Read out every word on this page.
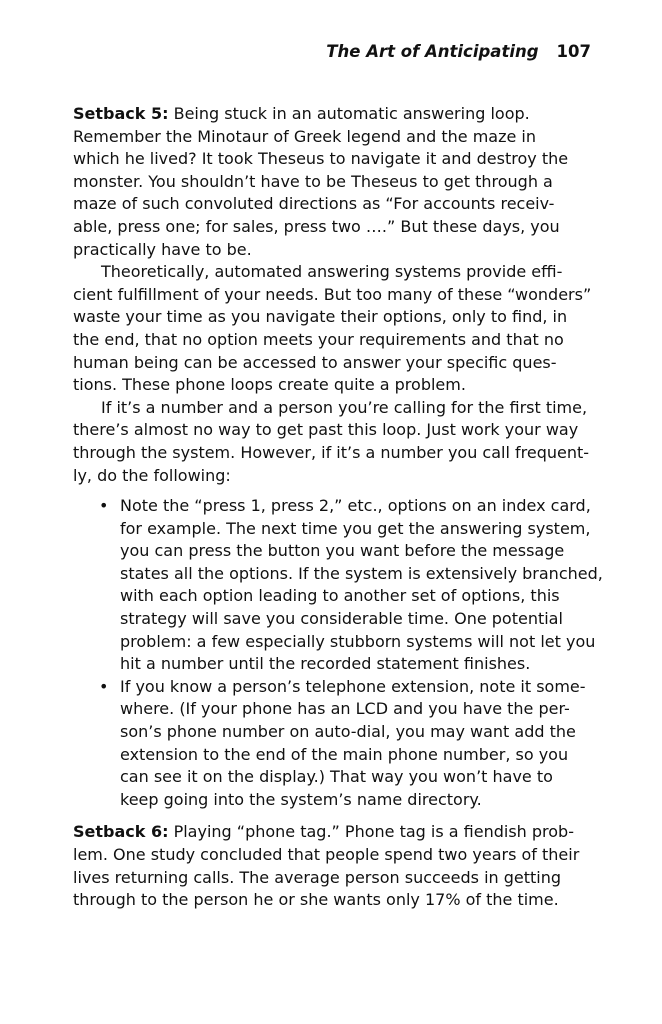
The Art of Anticipating 107

Setback 5: Being stuck in an automatic answering loop.

Remember the Minotaur of Greek legend and the maze in

which he lived? It took Theseus to navigate it and destroy the

monster. You shouldn’t have to be Theseus to get through a

maze of such convoluted directions as “For accounts receiv-

able, press one; for sales, press two ….” But these days, you

practically have to be.

Theoretically, automated answering systems provide effi-

cient fulfillment of your needs. But too many of these “wonders”

waste your time as you navigate their options, only to find, in

the end, that no option meets your requirements and that no

human being can be accessed to answer your specific ques-

tions. These phone loops create quite a problem.

If it’s a number and a person you’re calling for the first time,

there’s almost no way to get past this loop. Just work your way

through the system. However, if it’s a number you call frequent-

ly, do the following:

• Note the “press 1, press 2,” etc., options on an index card,

for example. The next time you get the answering system,

you can press the button you want before the message

states all the options. If the system is extensively branched,

with each option leading to another set of options, this

strategy will save you considerable time. One potential

problem: a few especially stubborn systems will not let you

hit a number until the recorded statement finishes.

• If you know a person’s telephone extension, note it some-

where. (If your phone has an LCD and you have the per-

son’s phone number on auto-dial, you may want add the

extension to the end of the main phone number, so you

can see it on the display.) That way you won’t have to

keep going into the system’s name directory.

Setback 6: Playing “phone tag.” Phone tag is a fiendish prob-

lem. One study concluded that people spend two years of their

lives returning calls. The average person succeeds in getting

through to the person he or she wants only 17% of the time.
